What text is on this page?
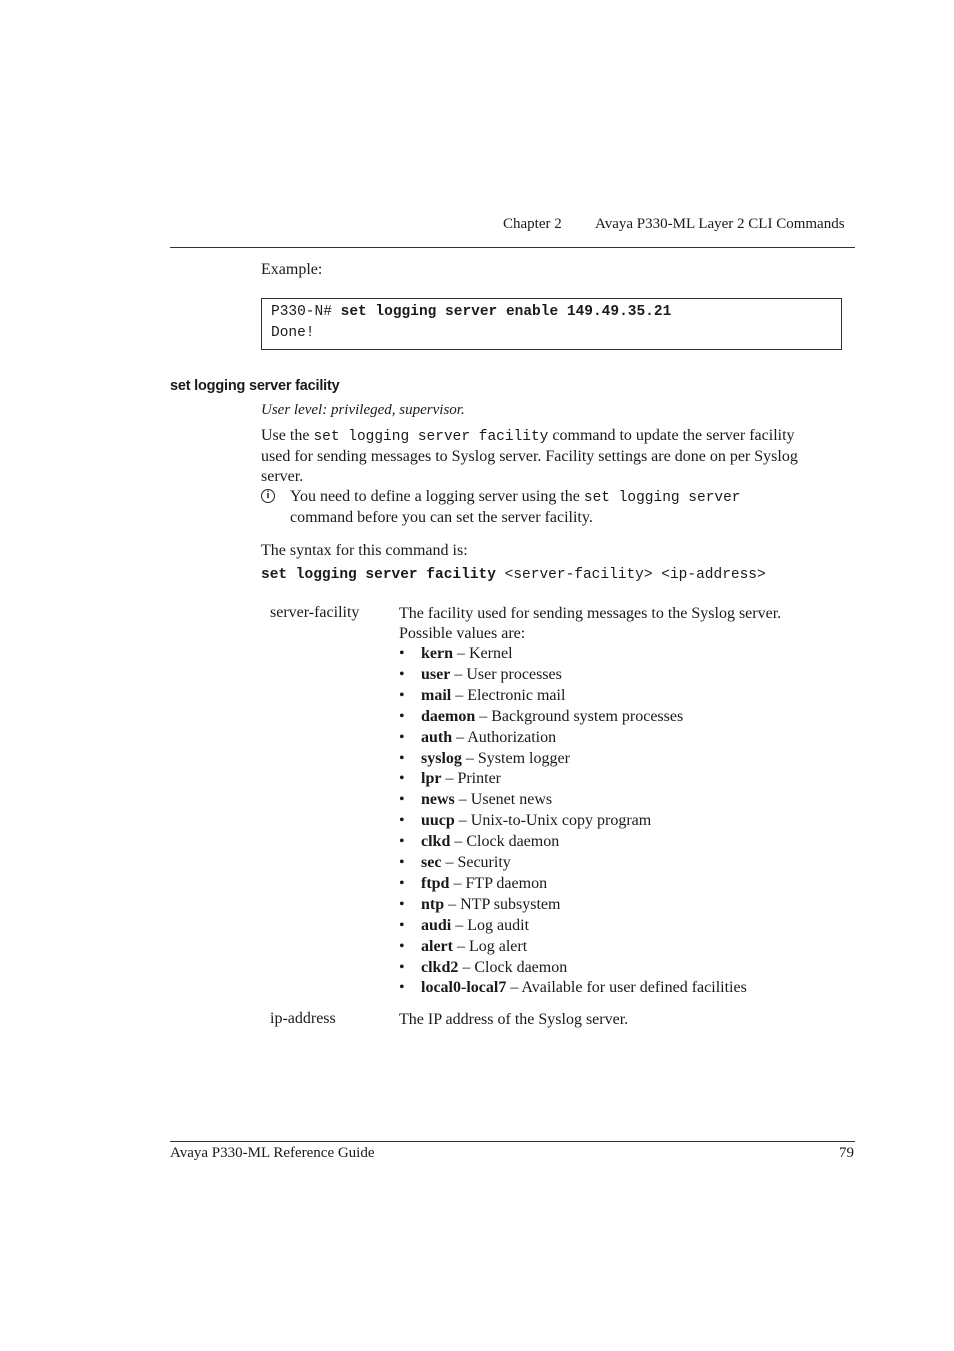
Chapter 2 Avaya P330-ML Layer 2 CLI Commands
Example:
P330-N# set logging server enable 149.49.35.21
Done!
set logging server facility
User level: privileged, supervisor.
Use the set logging server facility command to update the server facility
used for sending messages to Syslog server. Facility settings are done on per Syslog
server.
i	You need to define a logging server using the set logging server
command before you can set the server facility.
The syntax for this command is:
set logging server facility <server-facility> <ip-address>
server-facility The facility used for sending messages to the Syslog server.
Possible values are:
• kern – Kernel
• user – User processes
• mail – Electronic mail
• daemon – Background system processes
• auth – Authorization
• syslog – System logger
• lpr – Printer
• news – Usenet news
• uucp – Unix-to-Unix copy program
• clkd – Clock daemon
• sec – Security
• ftpd – FTP daemon
• ntp – NTP subsystem
• audi – Log audit
• alert – Log alert
• clkd2 – Clock daemon
• local0-local7 – Available for user defined facilities
ip-address	The IP address of the Syslog server.
Avaya P330-ML Reference Guide	79
